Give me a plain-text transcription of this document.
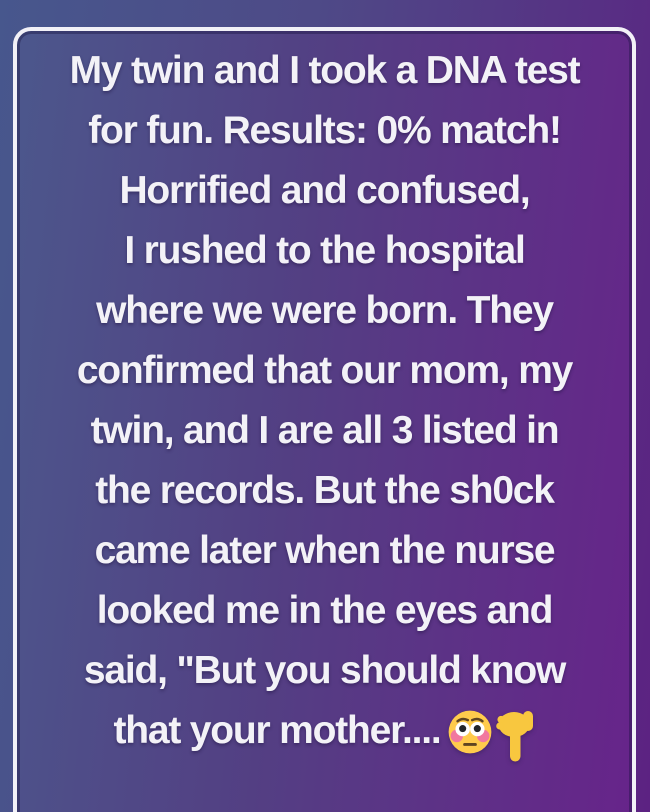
My twin and I took a DNA test
for fun. Results: 0% match!
Horrified and confused,
I rushed to the hospital
where we were born. They
confirmed that our mom, my
twin, and I are all 3 listed in
the records. But the sh0ck
came later when the nurse
looked me in the eyes and
said, "But you should know
that your mother....
